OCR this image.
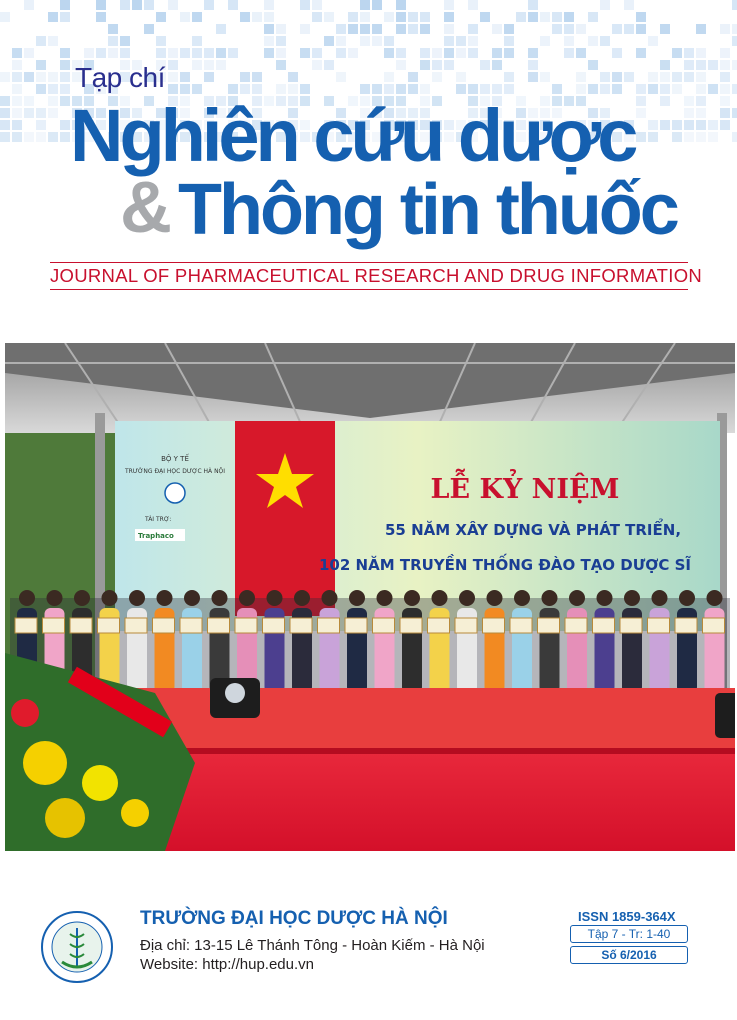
Tạp chí
Nghiên cứu dược
& Thông tin thuốc
JOURNAL OF PHARMACEUTICAL RESEARCH AND DRUG INFORMATION
BỘ Y TẾ
TRƯỜNG ĐẠI HỌC DƯỢC HÀ NỘI
TÀI TRỢ:
Traphaco
LỄ KỶ NIỆM
55 NĂM XÂY DỰNG VÀ PHÁT TRIỂN,
102 NĂM TRUYỀN THỐNG ĐÀO TẠO DƯỢC SĨ
TRƯỜNG ĐẠI HỌC DƯỢC HÀ NỘI
Địa chỉ: 13-15 Lê Thánh Tông - Hoàn Kiếm - Hà Nội
Website: http://hup.edu.vn
ISSN 1859-364X
Tập 7 - Tr: 1-40
Số 6/2016
